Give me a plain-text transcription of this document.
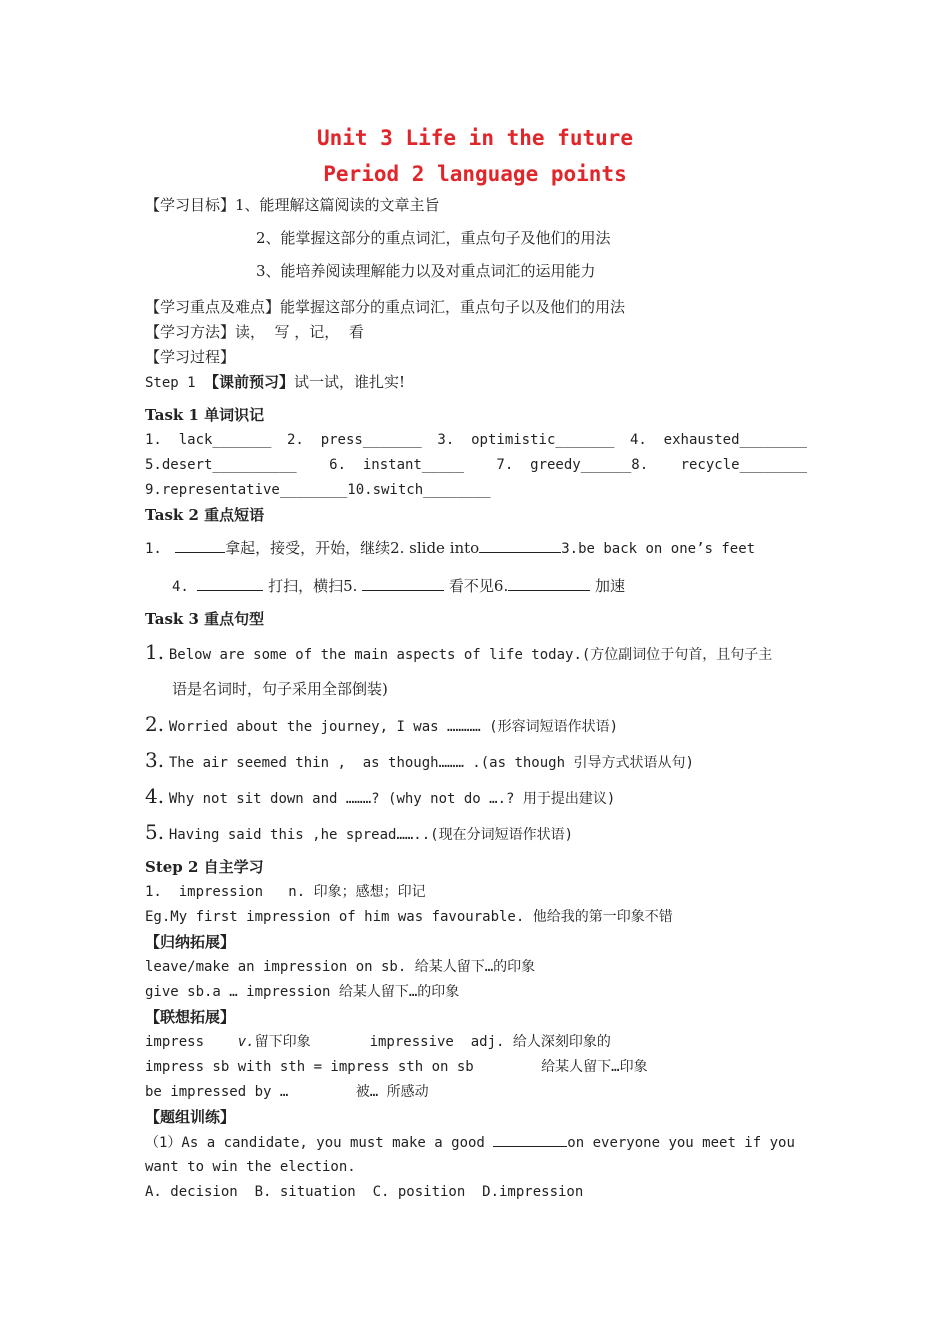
Unit 3 Life in the future
Period 2 language points
【学习目标】1、能理解这篇阅读的文章主旨
2、能掌握这部分的重点词汇，重点句子及他们的用法
3、能培养阅读理解能力以及对重点词汇的运用能力
【学习重点及难点】能掌握这部分的重点词汇，重点句子以及他们的用法
【学习方法】读，  写 ，记，  看
【学习过程】
Step 1 【课前预习】试一试，谁扎实!
Task 1 单词识记
1.  lack_______ 2.  press_______ 3.  optimistic_______ 4.  exhausted________
5.desert__________ 6.  instant_____ 7.  greedy______8. recycle________
9.representative________10.switch________
Task 2 重点短语
1.	拿起，接受，开始，继续2. slide into	3.be back on one’s feet
4.	打扫，横扫5.	看不见6.	加速
Task 3 重点句型
1. Below are some of the main aspects of life today.(方位副词位于句首，且句子主
语是名词时，句子采用全部倒装)
2. Worried about the journey, I was ………… (形容词短语作状语)
3. The air seemed thin ,  as though……… .(as though 引导方式状语从句)
4. Why not sit down and ………? (why not do ….? 用于提出建议)
5. Having said this ,he spread……..(现在分词短语作状语)
Step 2 自主学习
1.  impression   n. 印象；感想；印记
Eg.My first impression of him was favourable. 他给我的第一印象不错
【归纳拓展】
leave/make an impression on sb. 给某人留下…的印象
give sb.a … impression 给某人留下…的印象
【联想拓展】
impress    v.留下印象       impressive  adj. 给人深刻印象的
impress sb with sth = impress sth on sb        给某人留下…印象
be impressed by …        被… 所感动
【题组训练】
（1）As a candidate, you must make a good	on everyone you meet if you
want to win the election.
A. decision  B. situation  C. position  D.impression
